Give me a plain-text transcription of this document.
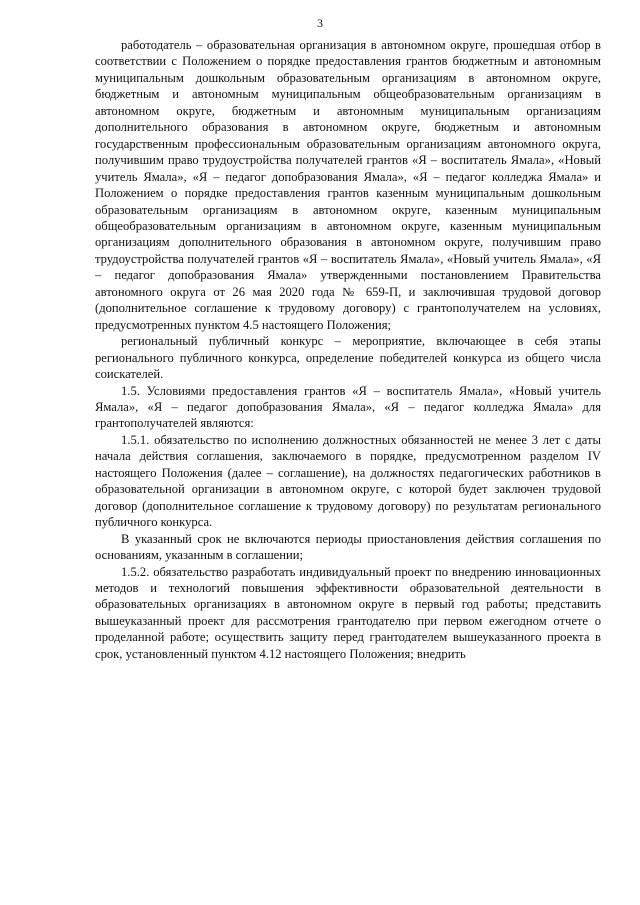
3

работодатель – образовательная организация в автономном округе, прошедшая отбор в соответствии с Положением о порядке предоставления грантов бюджетным и автономным муниципальным дошкольным образовательным организациям в автономном округе, бюджетным и автономным муниципальным общеобразовательным организациям в автономном округе, бюджетным и автономным муниципальным организациям дополнительного образования в автономном округе, бюджетным и автономным государственным профессиональным образовательным организациям автономного округа, получившим право трудоустройства получателей грантов «Я – воспитатель Ямала», «Новый учитель Ямала», «Я – педагог допобразования Ямала», «Я – педагог колледжа Ямала» и Положением о порядке предоставления грантов казенным муниципальным дошкольным образовательным организациям в автономном округе, казенным муниципальным общеобразовательным организациям в автономном округе, казенным муниципальным организациям дополнительного образования в автономном округе, получившим право трудоустройства получателей грантов «Я – воспитатель Ямала», «Новый учитель Ямала», «Я – педагог допобразования Ямала» утвержденными постановлением Правительства автономного округа от 26 мая 2020 года № 659-П, и заключившая трудовой договор (дополнительное соглашение к трудовому договору) с грантополучателем на условиях, предусмотренных пунктом 4.5 настоящего Положения;

региональный публичный конкурс – мероприятие, включающее в себя этапы регионального публичного конкурса, определение победителей конкурса из общего числа соискателей.

1.5. Условиями предоставления грантов «Я – воспитатель Ямала», «Новый учитель Ямала», «Я – педагог допобразования Ямала», «Я – педагог колледжа Ямала» для грантополучателей являются:

1.5.1. обязательство по исполнению должностных обязанностей не менее 3 лет с даты начала действия соглашения, заключаемого в порядке, предусмотренном разделом IV настоящего Положения (далее – соглашение), на должностях педагогических работников в образовательной организации в автономном округе, с которой будет заключен трудовой договор (дополнительное соглашение к трудовому договору) по результатам регионального публичного конкурса.

В указанный срок не включаются периоды приостановления действия соглашения по основаниям, указанным в соглашении;

1.5.2. обязательство разработать индивидуальный проект по внедрению инновационных методов и технологий повышения эффективности образовательной деятельности в образовательных организациях в автономном округе в первый год работы; представить вышеуказанный проект для рассмотрения грантодателю при первом ежегодном отчете о проделанной работе; осуществить защиту перед грантодателем вышеуказанного проекта в срок, установленный пунктом 4.12 настоящего Положения; внедрить
